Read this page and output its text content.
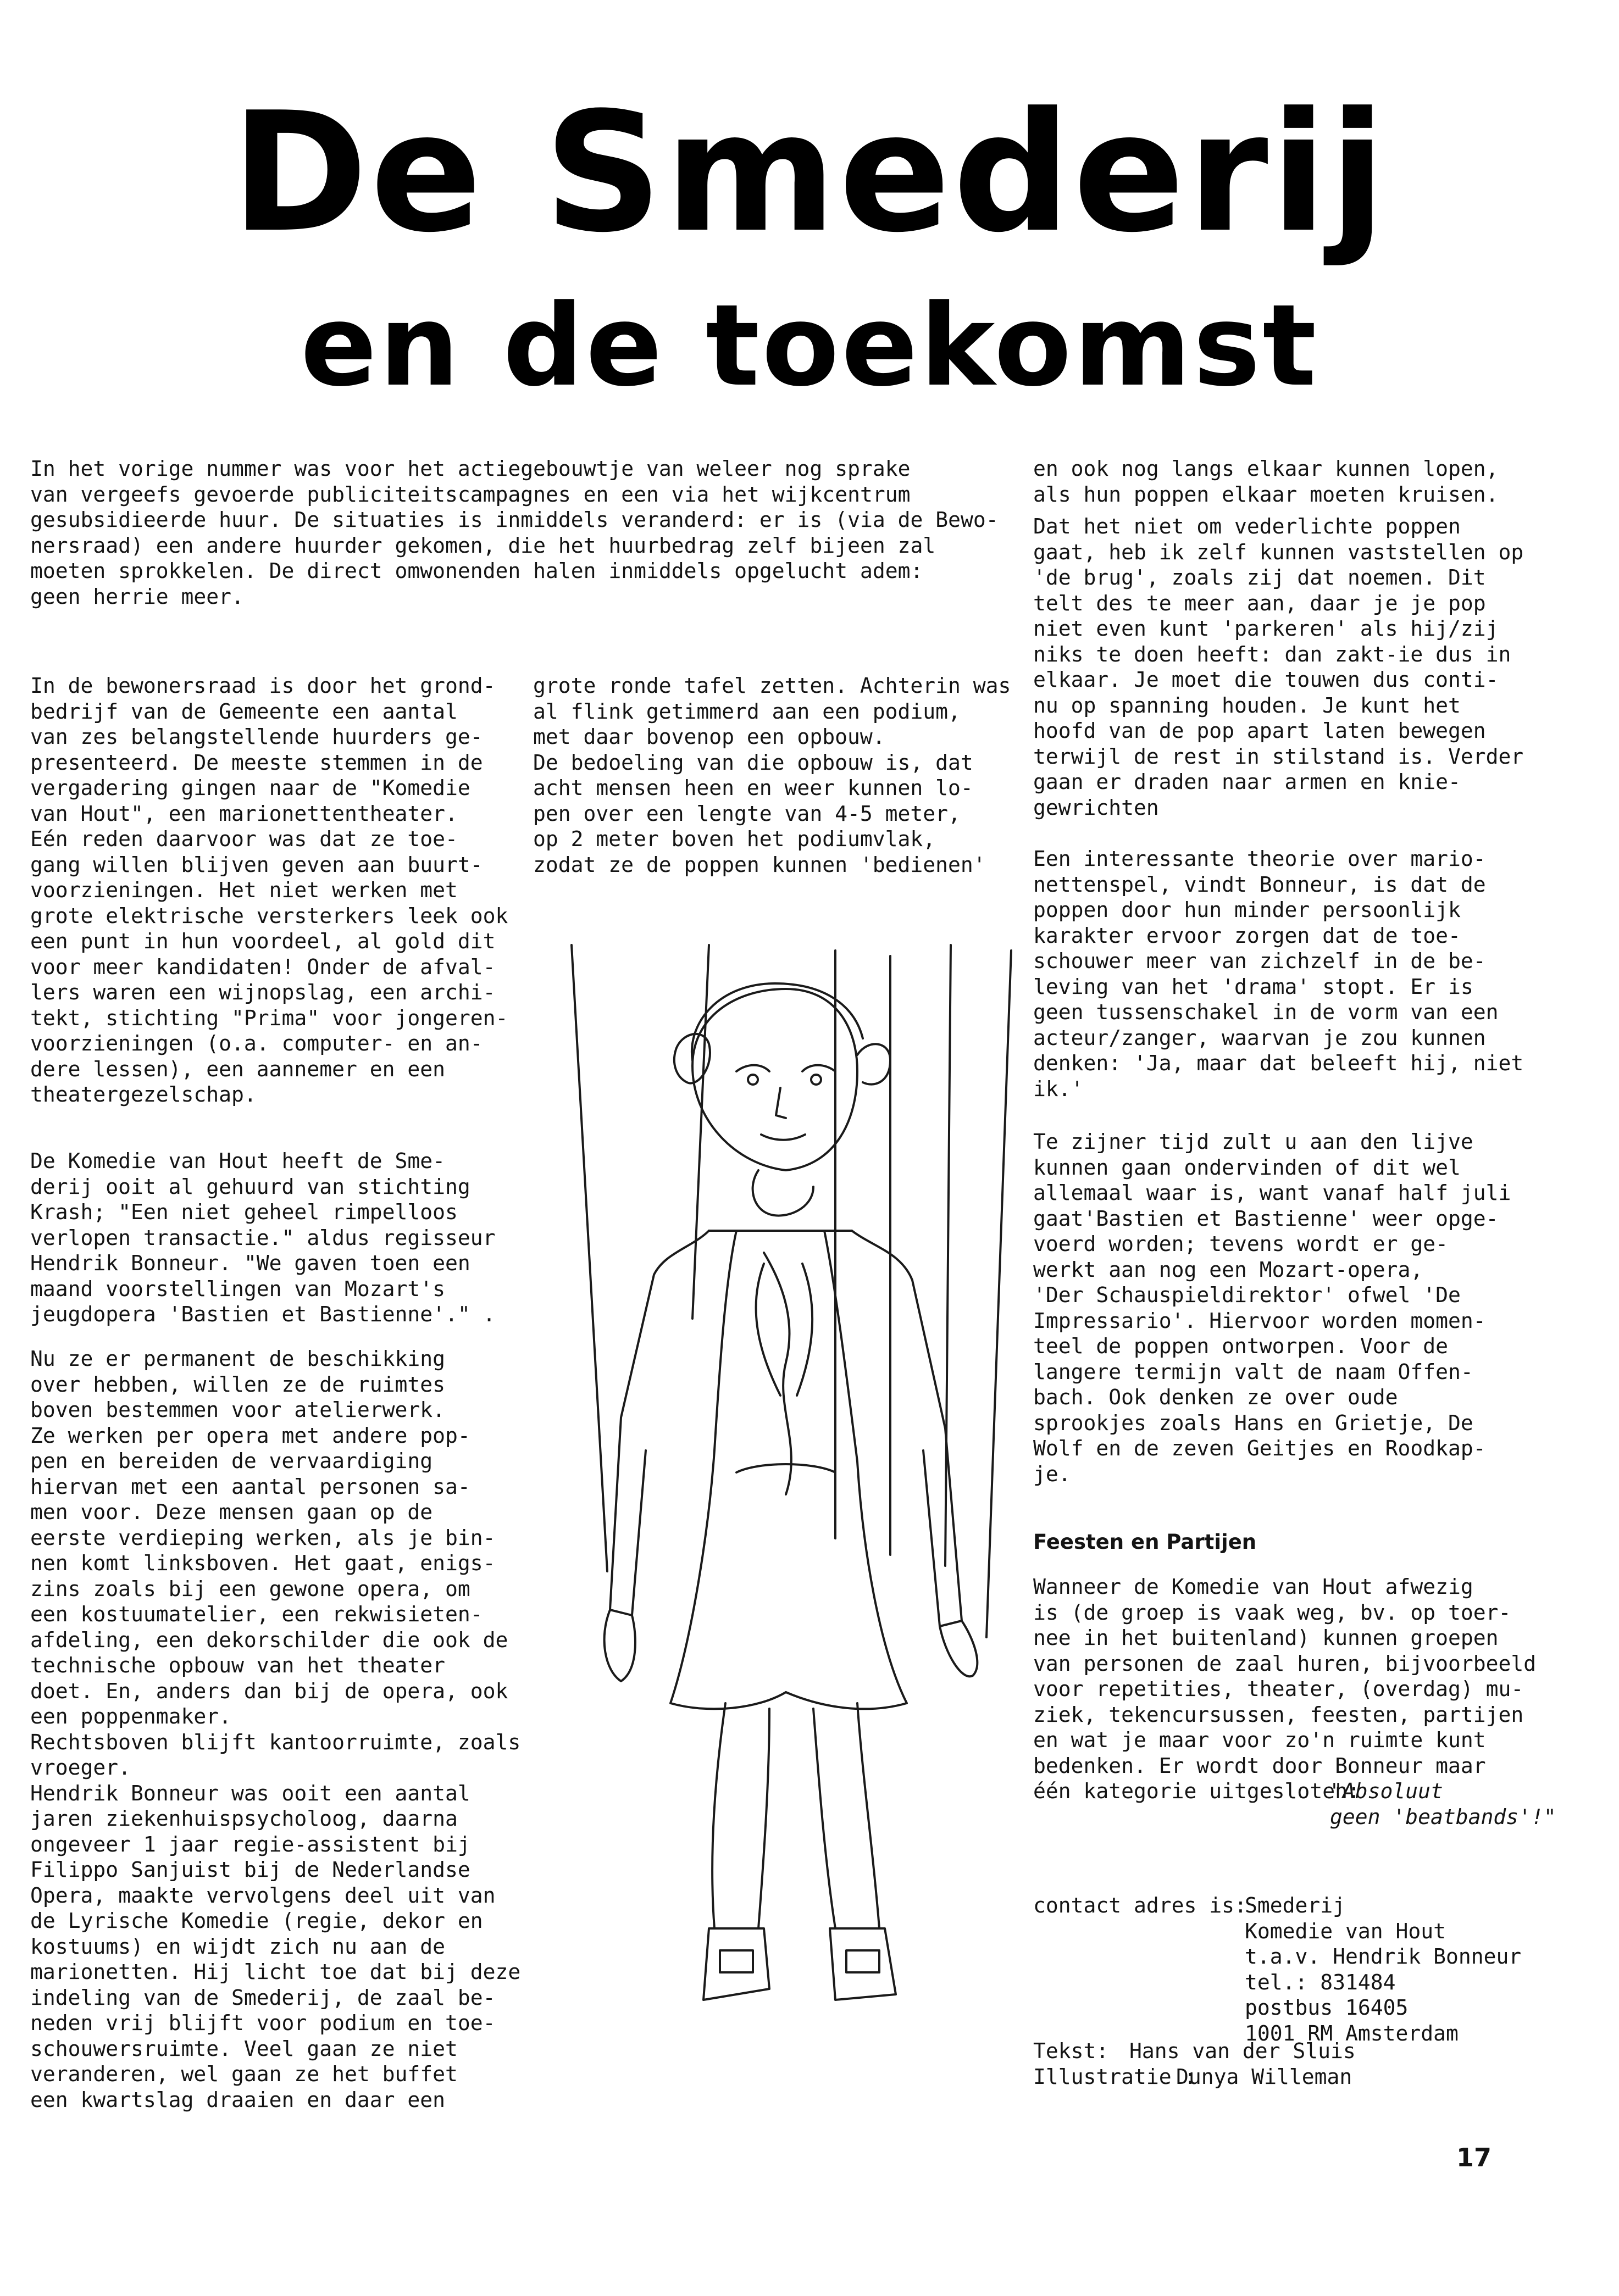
De Smederij
en de toekomst
In het vorige nummer was voor het actiegebouwtje van weleer nog sprake
van vergeefs gevoerde publiciteitscampagnes en een via het wijkcentrum
gesubsidieerde huur. De situaties is inmiddels veranderd: er is (via de Bewo-
nersraad) een andere huurder gekomen, die het huurbedrag zelf bijeen zal
moeten sprokkelen. De direct omwonenden halen inmiddels opgelucht adem:
geen herrie meer.
In de bewonersraad is door het grond-
bedrijf van de Gemeente een aantal
van zes belangstellende huurders ge-
presenteerd. De meeste stemmen in de
vergadering gingen naar de "Komedie
van Hout", een marionettentheater.
Eén reden daarvoor was dat ze toe-
gang willen blijven geven aan buurt-
voorzieningen. Het niet werken met
grote elektrische versterkers leek ook
een punt in hun voordeel, al gold dit
voor meer kandidaten! Onder de afval-
lers waren een wijnopslag, een archi-
tekt, stichting "Prima" voor jongeren-
voorzieningen (o.a. computer- en an-
dere lessen), een aannemer en een
theatergezelschap.
De Komedie van Hout heeft de Sme-
derij ooit al gehuurd van stichting
Krash; "Een niet geheel rimpelloos
verlopen transactie." aldus regisseur
Hendrik Bonneur. "We gaven toen een
maand voorstellingen van Mozart's
jeugdopera 'Bastien et Bastienne'." .
Nu ze er permanent de beschikking
over hebben, willen ze de ruimtes
boven bestemmen voor atelierwerk.
Ze werken per opera met andere pop-
pen en bereiden de vervaardiging
hiervan met een aantal personen sa-
men voor. Deze mensen gaan op de
eerste verdieping werken, als je bin-
nen komt linksboven. Het gaat, enigs-
zins zoals bij een gewone opera, om
een kostuumatelier, een rekwisieten-
afdeling, een dekorschilder die ook de
technische opbouw van het theater
doet. En, anders dan bij de opera, ook
een poppenmaker.
Rechtsboven blijft kantoorruimte, zoals
vroeger.
Hendrik Bonneur was ooit een aantal
jaren ziekenhuispsycholoog, daarna
ongeveer 1 jaar regie-assistent bij
Filippo Sanjuist bij de Nederlandse
Opera, maakte vervolgens deel uit van
de Lyrische Komedie (regie, dekor en
kostuums) en wijdt zich nu aan de
marionetten. Hij licht toe dat bij deze
indeling van de Smederij, de zaal be-
neden vrij blijft voor podium en toe-
schouwersruimte. Veel gaan ze niet
veranderen, wel gaan ze het buffet
een kwartslag draaien en daar een
grote ronde tafel zetten. Achterin was
al flink getimmerd aan een podium,
met daar bovenop een opbouw.
De bedoeling van die opbouw is, dat
acht mensen heen en weer kunnen lo-
pen over een lengte van 4-5 meter,
op 2 meter boven het podiumvlak,
zodat ze de poppen kunnen 'bedienen'
en ook nog langs elkaar kunnen lopen,
als hun poppen elkaar moeten kruisen.
Dat het niet om vederlichte poppen
gaat, heb ik zelf kunnen vaststellen op
'de brug', zoals zij dat noemen. Dit
telt des te meer aan, daar je je pop
niet even kunt 'parkeren' als hij/zij
niks te doen heeft: dan zakt-ie dus in
elkaar. Je moet die touwen dus conti-
nu op spanning houden. Je kunt het
hoofd van de pop apart laten bewegen
terwijl de rest in stilstand is. Verder
gaan er draden naar armen en knie-
gewrichten
Een interessante theorie over mario-
nettenspel, vindt Bonneur, is dat de
poppen door hun minder persoonlijk
karakter ervoor zorgen dat de toe-
schouwer meer van zichzelf in de be-
leving van het 'drama' stopt. Er is
geen tussenschakel in de vorm van een
acteur/zanger, waarvan je zou kunnen
denken: 'Ja, maar dat beleeft hij, niet
ik.'
Te zijner tijd zult u aan den lijve
kunnen gaan ondervinden of dit wel
allemaal waar is, want vanaf half juli
gaat'Bastien et Bastienne' weer opge-
voerd worden; tevens wordt er ge-
werkt aan nog een Mozart-opera,
'Der Schauspieldirektor' ofwel 'De
Impressario'. Hiervoor worden momen-
teel de poppen ontworpen. Voor de
langere termijn valt de naam Offen-
bach. Ook denken ze over oude
sprookjes zoals Hans en Grietje, De
Wolf en de zeven Geitjes en Roodkap-
je.
Feesten en Partijen
Wanneer de Komedie van Hout afwezig
is (de groep is vaak weg, bv. op toer-
nee in het buitenland) kunnen groepen
van personen de zaal huren, bijvoorbeeld
voor repetities, theater, (overdag) mu-
ziek, tekencursussen, feesten, partijen
en wat je maar voor zo'n ruimte kunt
bedenken. Er wordt door Bonneur maar
één kategorie uitgesloten:
"Absoluut
geen 'beatbands'!"
contact adres is:
Smederij
Komedie van Hout
t.a.v. Hendrik Bonneur
tel.: 831484
postbus 16405
1001 RM Amsterdam
Tekst: Hans van der Sluis
Illustratie :
Dunya Willeman
17
